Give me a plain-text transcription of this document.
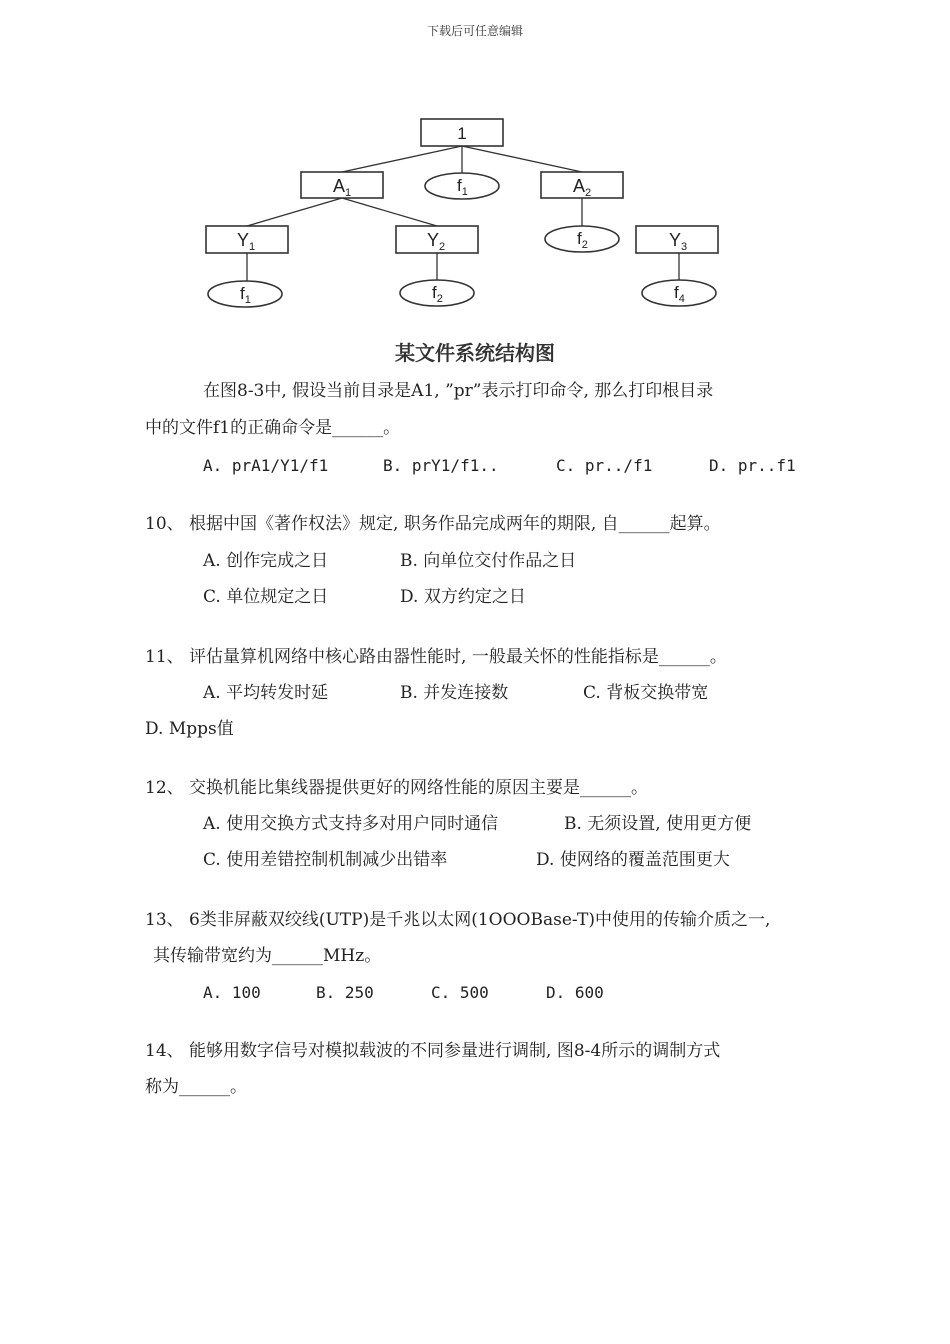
下载后可任意编辑
1
$A_1$	$A_2$
$Y_1$	$Y_2$	$Y_3$
$f_1$
$f_2$
$f_1$	$f_2$	$f_4$
某文件系统结构图
在图8-3中, 假设当前目录是A1, ”pr”表示打印命令, 那么打印根目录
中的文件f1的正确命令是______。
A. prA1/Y1/f1	B. prY1/f1..	C. pr../f1	D. pr..f1
10、 根据中国《著作权法》规定, 职务作品完成两年的期限, 自______起算。
A. 创作完成之日	B. 向单位交付作品之日
C. 单位规定之日	D. 双方约定之日
11、 评估量算机网络中核心路由器性能时, 一般最关怀的性能指标是______。
A. 平均转发时延	B. 并发连接数	C. 背板交换带宽
D. Mpps值
12、 交换机能比集线器提供更好的网络性能的原因主要是______。
A. 使用交换方式支持多对用户同时通信	B. 无须设置, 使用更方便
C. 使用差错控制机制减少出错率	D. 使网络的覆盖范围更大
13、 6类非屏蔽双绞线(UTP)是千兆以太网(1OOOBase-T)中使用的传输介质之一,
其传输带宽约为______MHz。
A. 100	B. 250	C. 500	D. 600
14、 能够用数字信号对模拟载波的不同参量进行调制, 图8-4所示的调制方式
称为______。
